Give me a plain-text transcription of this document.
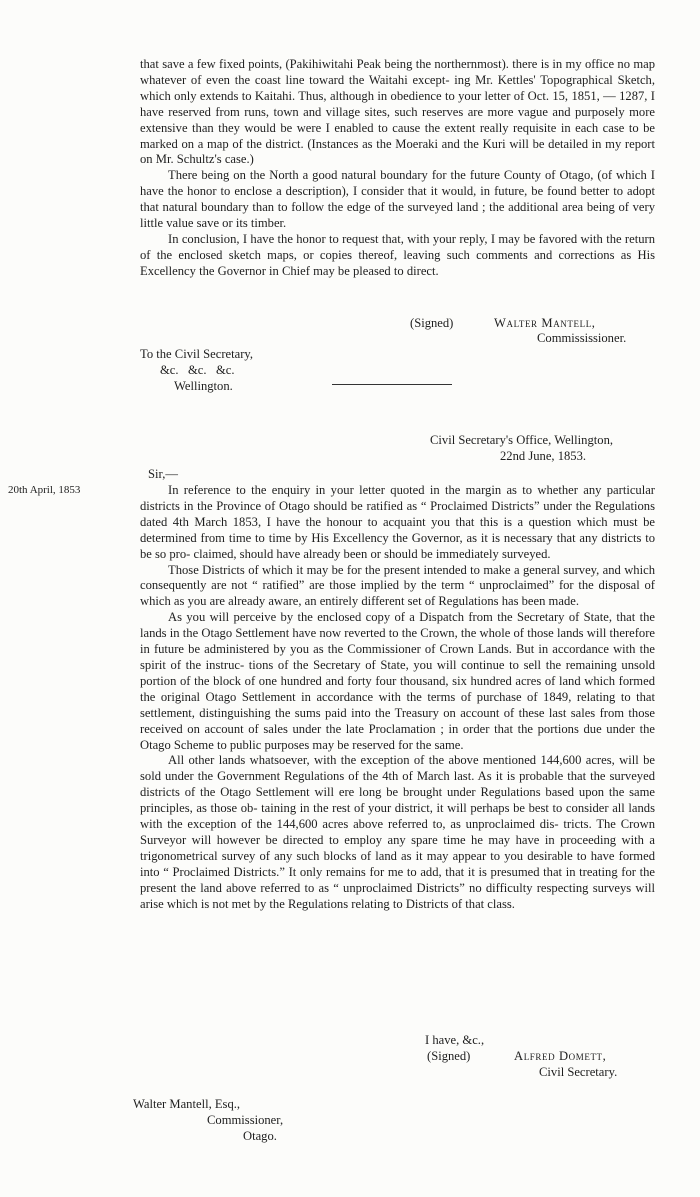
that save a few fixed points, (Pakihiwitahi Peak being the northernmost). there is in my office no map whatever of even the coast line toward the Waitahi except- ing Mr. Kettles' Topographical Sketch, which only extends to Kaitahi. Thus, although in obedience to your letter of Oct. 15, 1851, — 1287, I have reserved from runs, town and village sites, such reserves are more vague and purposely more extensive than they would be were I enabled to cause the extent really requisite in each case to be marked on a map of the district. (Instances as the Moeraki and the Kuri will be detailed in my report on Mr. Schultz's case.)

There being on the North a good natural boundary for the future County of Otago, (of which I have the honor to enclose a description), I consider that it would, in future, be found better to adopt that natural boundary than to follow the edge of the surveyed land ; the additional area being of very little value save or its timber.

In conclusion, I have the honor to request that, with your reply, I may be favored with the return of the enclosed sketch maps, or copies thereof, leaving such comments and corrections as His Excellency the Governor in Chief may be pleased to direct.

(Signed)	Walter Mantell,
Commississioner.
To the Civil Secretary,
&c.   &c.   &c.
Wellington.
Civil Secretary's Office, Wellington,
22nd June, 1853.
20th April, 1853
Sir,—

In reference to the enquiry in your letter quoted in the margin as to whether any particular districts in the Province of Otago should be ratified as “ Proclaimed Districts” under the Regulations dated 4th March 1853, I have the honour to acquaint you that this is a question which must be determined from time to time by His Excellency the Governor, as it is necessary that any districts to be so pro- claimed, should have already been or should be immediately surveyed.

Those Districts of which it may be for the present intended to make a general survey, and which consequently are not “ ratified” are those implied by the term “ unproclaimed” for the disposal of which as you are already aware, an entirely different set of Regulations has been made.

As you will perceive by the enclosed copy of a Dispatch from the Secretary of State, that the lands in the Otago Settlement have now reverted to the Crown, the whole of those lands will therefore in future be administered by you as the Commissioner of Crown Lands. But in accordance with the spirit of the instruc- tions of the Secretary of State, you will continue to sell the remaining unsold portion of the block of one hundred and forty four thousand, six hundred acres of land which formed the original Otago Settlement in accordance with the terms of purchase of 1849, relating to that settlement, distinguishing the sums paid into the Treasury on account of these last sales from those received on account of sales under the late Proclamation ; in order that the portions due under the Otago Scheme to public purposes may be reserved for the same.

All other lands whatsoever, with the exception of the above mentioned 144,600 acres, will be sold under the Government Regulations of the 4th of March last. As it is probable that the surveyed districts of the Otago Settlement will ere long be brought under Regulations based upon the same principles, as those ob- taining in the rest of your district, it will perhaps be best to consider all lands with the exception of the 144,600 acres above referred to, as unproclaimed dis- tricts. The Crown Surveyor will however be directed to employ any spare time he may have in proceeding with a trigonometrical survey of any such blocks of land as it may appear to you desirable to have formed into “ Proclaimed Districts.” It only remains for me to add, that it is presumed that in treating for the present the land above referred to as “ unproclaimed Districts” no difficulty respecting surveys will arise which is not met by the Regulations relating to Districts of that class.

I have, &c.,
(Signed)	Alfred Domett,
Civil Secretary.
Walter Mantell, Esq.,
Commissioner,
Otago.
